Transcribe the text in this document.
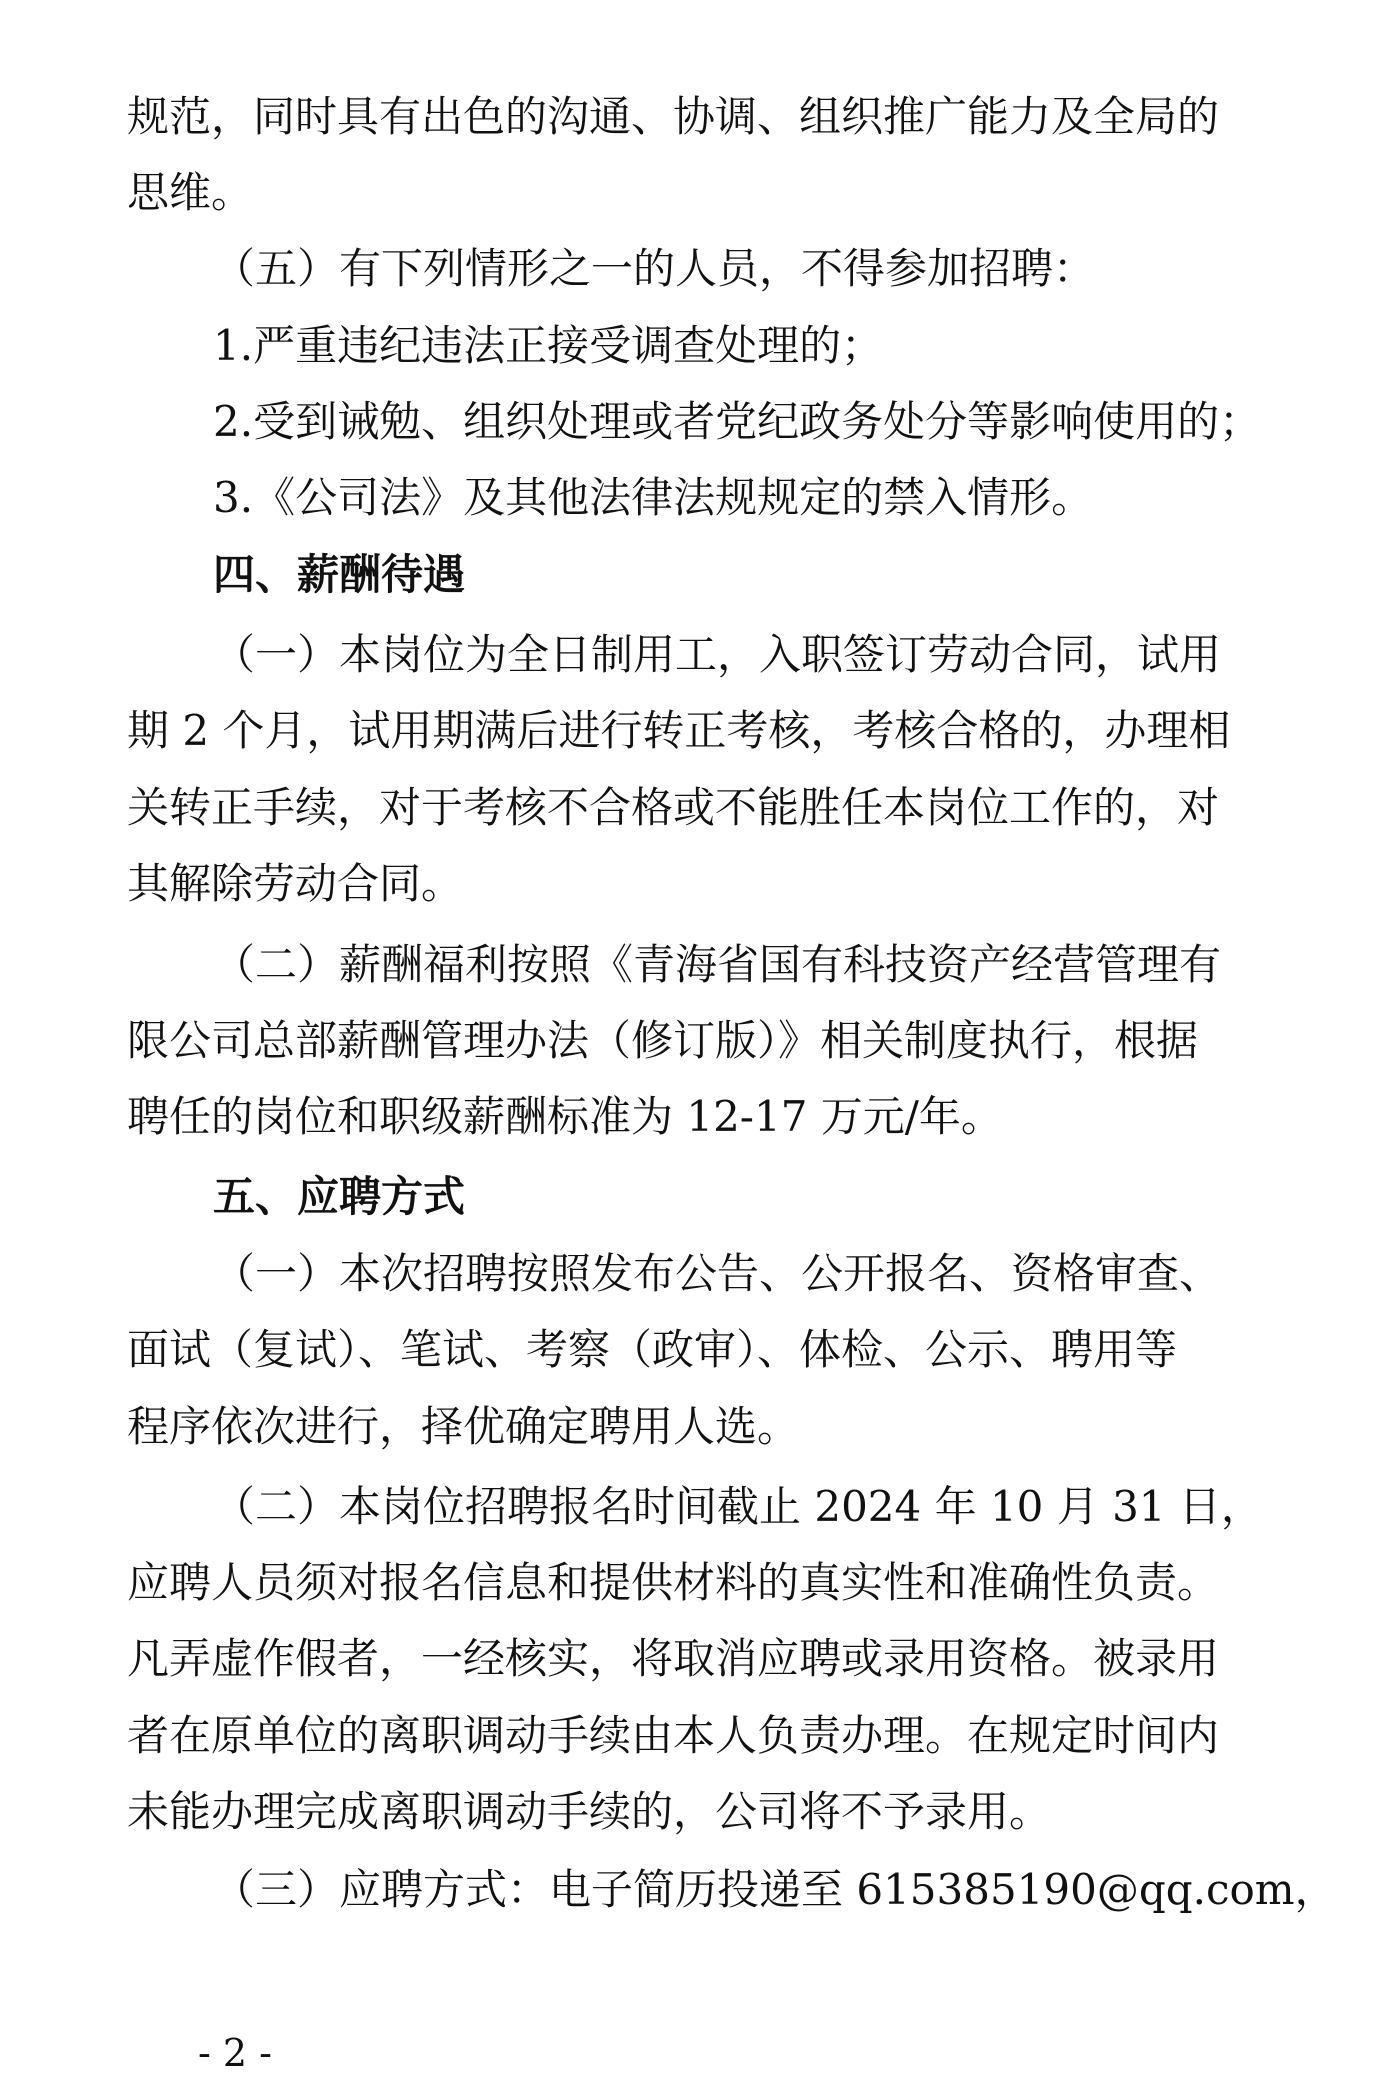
规范，同时具有出色的沟通、协调、组织推广能力及全局的
思维。
（五）有下列情形之一的人员，不得参加招聘：
1.严重违纪违法正接受调查处理的；
2.受到诫勉、组织处理或者党纪政务处分等影响使用的；
3.《公司法》及其他法律法规规定的禁入情形。
四、薪酬待遇
（一）本岗位为全日制用工，入职签订劳动合同，试用
期 2 个月，试用期满后进行转正考核，考核合格的，办理相
关转正手续，对于考核不合格或不能胜任本岗位工作的，对
其解除劳动合同。
（二）薪酬福利按照《青海省国有科技资产经营管理有
限公司总部薪酬管理办法（修订版）》相关制度执行，根据
聘任的岗位和职级薪酬标准为 12-17 万元/年。
五、应聘方式
（一）本次招聘按照发布公告、公开报名、资格审查、
面试（复试）、笔试、考察（政审）、体检、公示、聘用等
程序依次进行，择优确定聘用人选。
（二）本岗位招聘报名时间截止 2024 年 10 月 31 日，
应聘人员须对报名信息和提供材料的真实性和准确性负责。
凡弄虚作假者，一经核实，将取消应聘或录用资格。被录用
者在原单位的离职调动手续由本人负责办理。在规定时间内
未能办理完成离职调动手续的，公司将不予录用。
（三）应聘方式：电子简历投递至 615385190@qq.com，
- 2 -
